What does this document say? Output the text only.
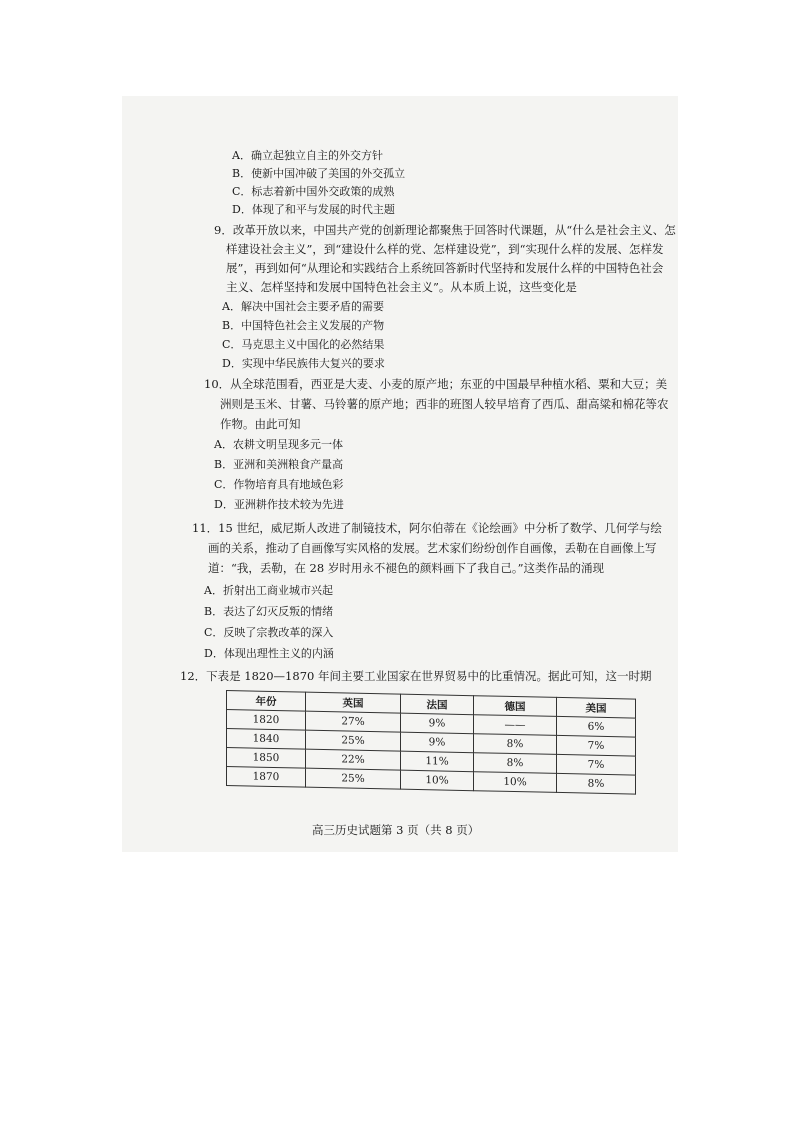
A．确立起独立自主的外交方针
B．使新中国冲破了美国的外交孤立
C．标志着新中国外交政策的成熟
D．体现了和平与发展的时代主题
9．改革开放以来，中国共产党的创新理论都聚焦于回答时代课题，从“什么是社会主义、怎
样建设社会主义”，到“建设什么样的党、怎样建设党”，到“实现什么样的发展、怎样发
展”，再到如何“从理论和实践结合上系统回答新时代坚持和发展什么样的中国特色社会
主义、怎样坚持和发展中国特色社会主义”。从本质上说，这些变化是
A．解决中国社会主要矛盾的需要
B．中国特色社会主义发展的产物
C．马克思主义中国化的必然结果
D．实现中华民族伟大复兴的要求
10．从全球范围看，西亚是大麦、小麦的原产地；东亚的中国最早种植水稻、粟和大豆；美
洲则是玉米、甘薯、马铃薯的原产地；西非的班图人较早培育了西瓜、甜高粱和棉花等农
作物。由此可知
A．农耕文明呈现多元一体
B．亚洲和美洲粮食产量高
C．作物培育具有地域色彩
D．亚洲耕作技术较为先进
11．15 世纪，威尼斯人改进了制镜技术，阿尔伯蒂在《论绘画》中分析了数学、几何学与绘
画的关系，推动了自画像写实风格的发展。艺术家们纷纷创作自画像，丢勒在自画像上写
道：“我，丢勒，在 28 岁时用永不褪色的颜料画下了我自己。”这类作品的涌现
A．折射出工商业城市兴起
B．表达了幻灭反叛的情绪
C．反映了宗教改革的深入
D．体现出理性主义的内涵
12．下表是 1820—1870 年间主要工业国家在世界贸易中的比重情况。据此可知，这一时期
年份	英国	法国	德国	美国
1820	27%	9%	——	6%
1840	25%	9%	8%	7%
1850	22%	11%	8%	7%
1870	25%	10%	10%	8%
高三历史试题第 3 页（共 8 页）
